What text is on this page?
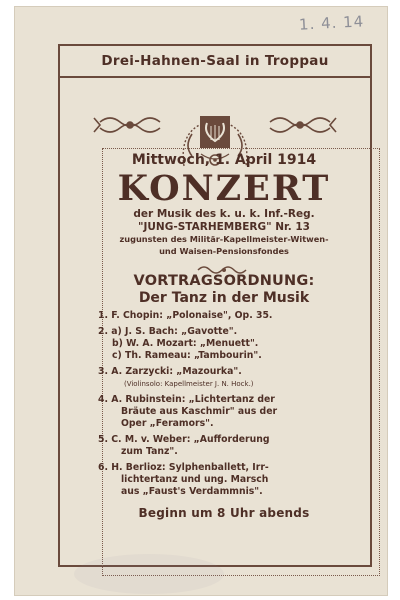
1. 4. 14
Drei-Hahnen-Saal in Troppau
Mittwoch, 1. April 1914
KONZERT
der Musik des k. u. k. Inf.-Reg.
"JUNG-STARHEMBERG" Nr. 13
zugunsten des Militär-Kapellmeister-Witwen-
und Waisen-Pensionsfondes
VORTRAGSORDNUNG:
Der Tanz in der Musik
1. F. Chopin: „Polonaise", Op. 35.
2. a) J. S. Bach: „Gavotte".
b) W. A. Mozart: „Menuett".
c) Th. Rameau: „Tambourin".
3. A. Zarzycki: „Mazourka".
(Violinsolo: Kapellmeister J. N. Hock.)
4. A. Rubinstein: „Lichtertanz der
Bräute aus Kaschmir" aus der
Oper „Feramors".
5. C. M. v. Weber: „Aufforderung
zum Tanz".
6. H. Berlioz: Sylphenballett, Irr-
lichtertanz und ung. Marsch
aus „Faust's Verdammnis".
Beginn um 8 Uhr abends
